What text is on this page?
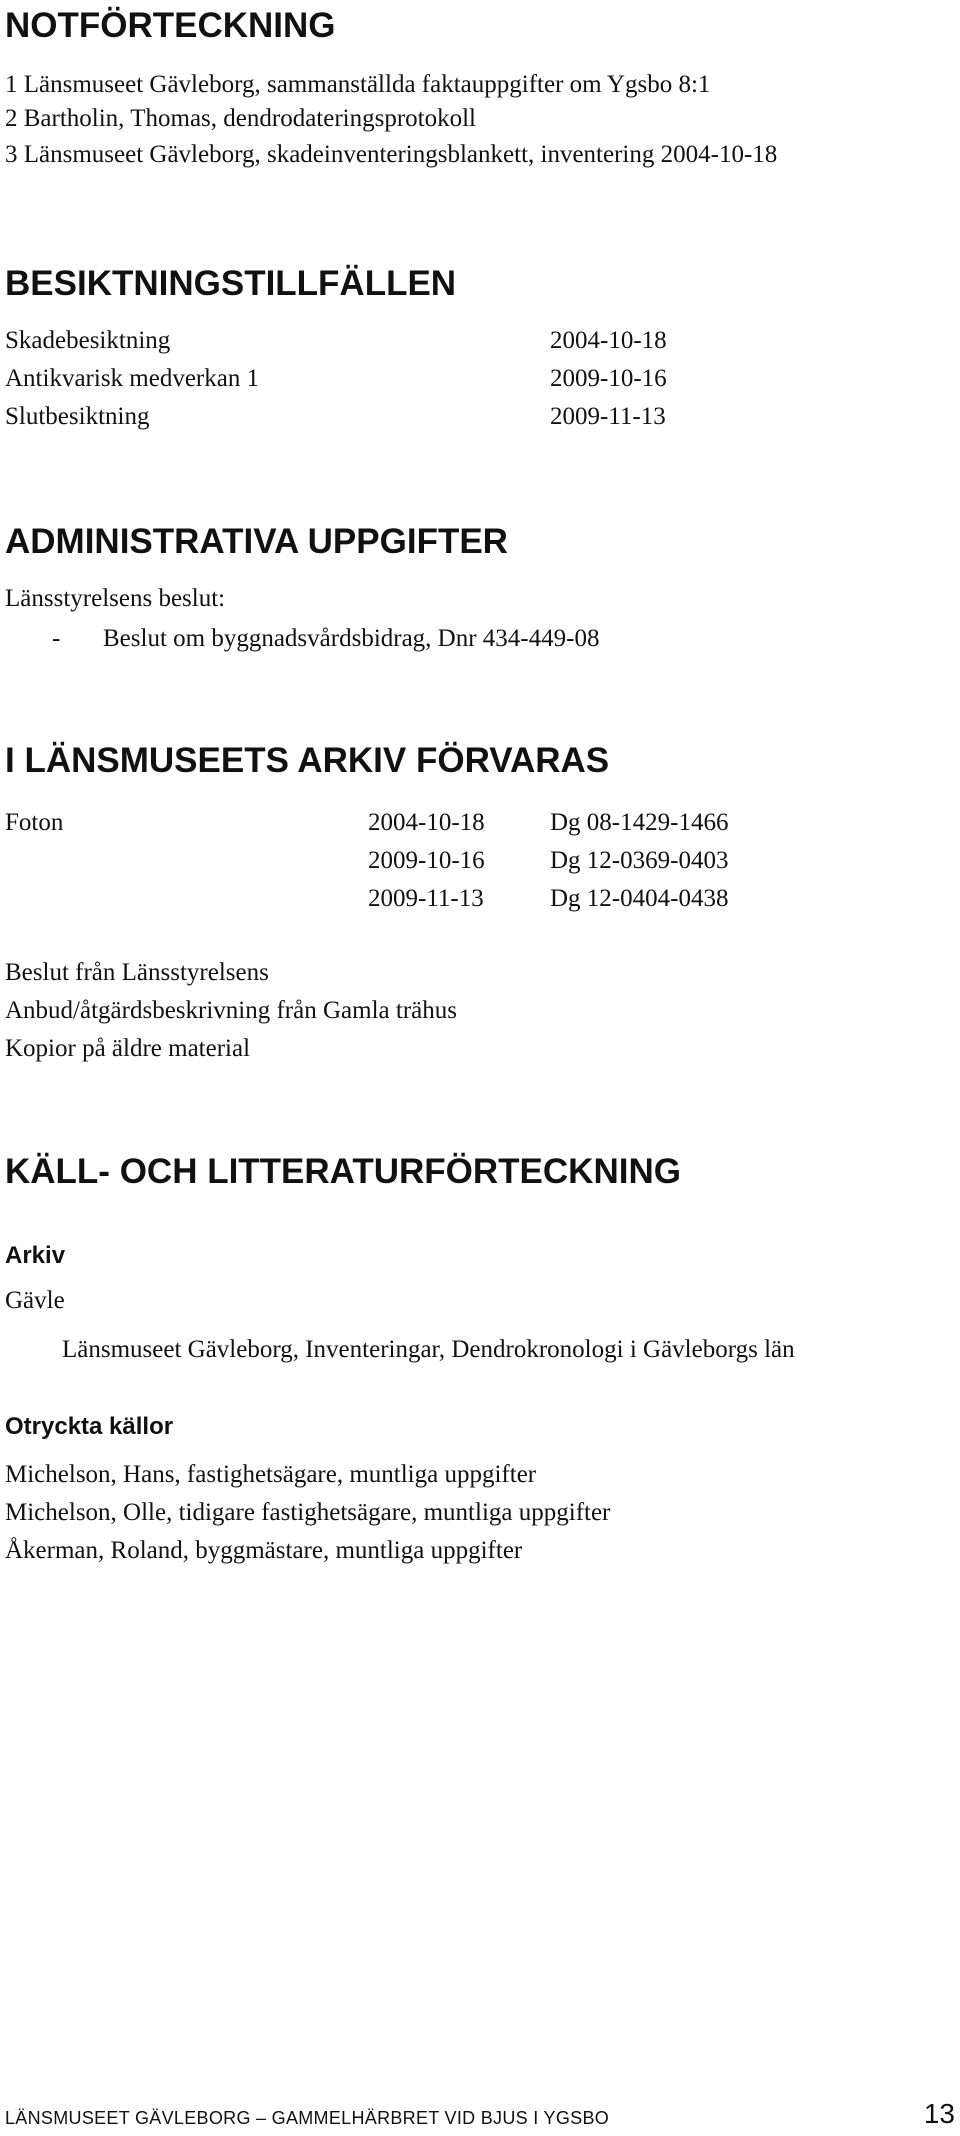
NOTFÖRTECKNING
1 Länsmuseet Gävleborg, sammanställda faktauppgifter om Ygsbo 8:1
2 Bartholin, Thomas, dendrodateringsprotokoll
3 Länsmuseet Gävleborg, skadeinventeringsblankett, inventering 2004-10-18
BESIKTNINGSTILLFÄLLEN
Skadebesiktning	2004-10-18
Antikvarisk medverkan 1	2009-10-16
Slutbesiktning	2009-11-13
ADMINISTRATIVA UPPGIFTER
Länsstyrelsens beslut:
- Beslut om byggnadsvårdsbidrag, Dnr 434-449-08
I LÄNSMUSEETS ARKIV FÖRVARAS
Foton	2004-10-18	Dg 08-1429-1466
2009-10-16	Dg 12-0369-0403
2009-11-13	Dg 12-0404-0438
Beslut från Länsstyrelsens
Anbud/åtgärdsbeskrivning från Gamla trähus
Kopior på äldre material
KÄLL- OCH LITTERATURFÖRTECKNING
Arkiv
Gävle
Länsmuseet Gävleborg, Inventeringar, Dendrokronologi i Gävleborgs län
Otryckta källor
Michelson, Hans, fastighetsägare, muntliga uppgifter
Michelson, Olle, tidigare fastighetsägare, muntliga uppgifter
Åkerman, Roland, byggmästare, muntliga uppgifter
LÄNSMUSEET GÄVLEBORG – GAMMELHÄRBRET VID BJUS I YGSBO	13
